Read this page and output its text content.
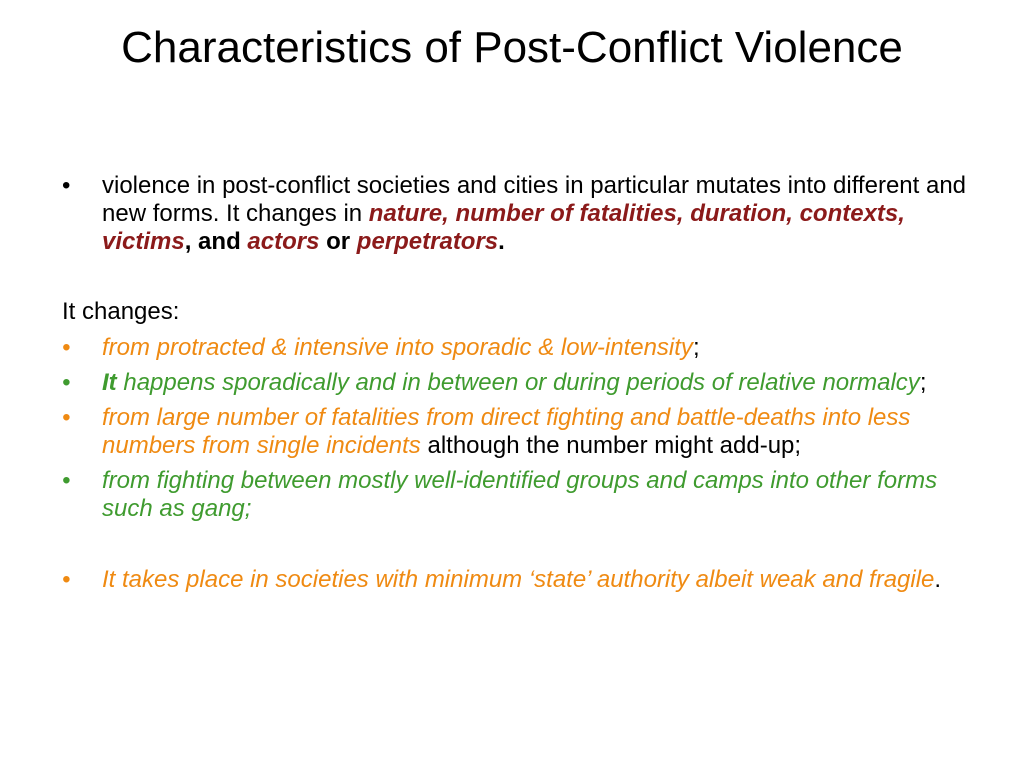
Characteristics of Post-Conflict Violence
•	violence in post-conflict societies and cities in particular mutates into different and new forms. It changes in nature, number of fatalities, duration, contexts, victims, and actors or perpetrators.
It changes:
•	from protracted & intensive into sporadic & low-intensity;
•	It happens sporadically and in between or during periods of relative normalcy;
•	from large number of fatalities from direct fighting and battle-deaths into less numbers from single incidents although the number might add-up;
•	from fighting between mostly well-identified groups and camps into other forms such as gang;
•	It takes place in societies with minimum ‘state’ authority albeit weak and fragile.
